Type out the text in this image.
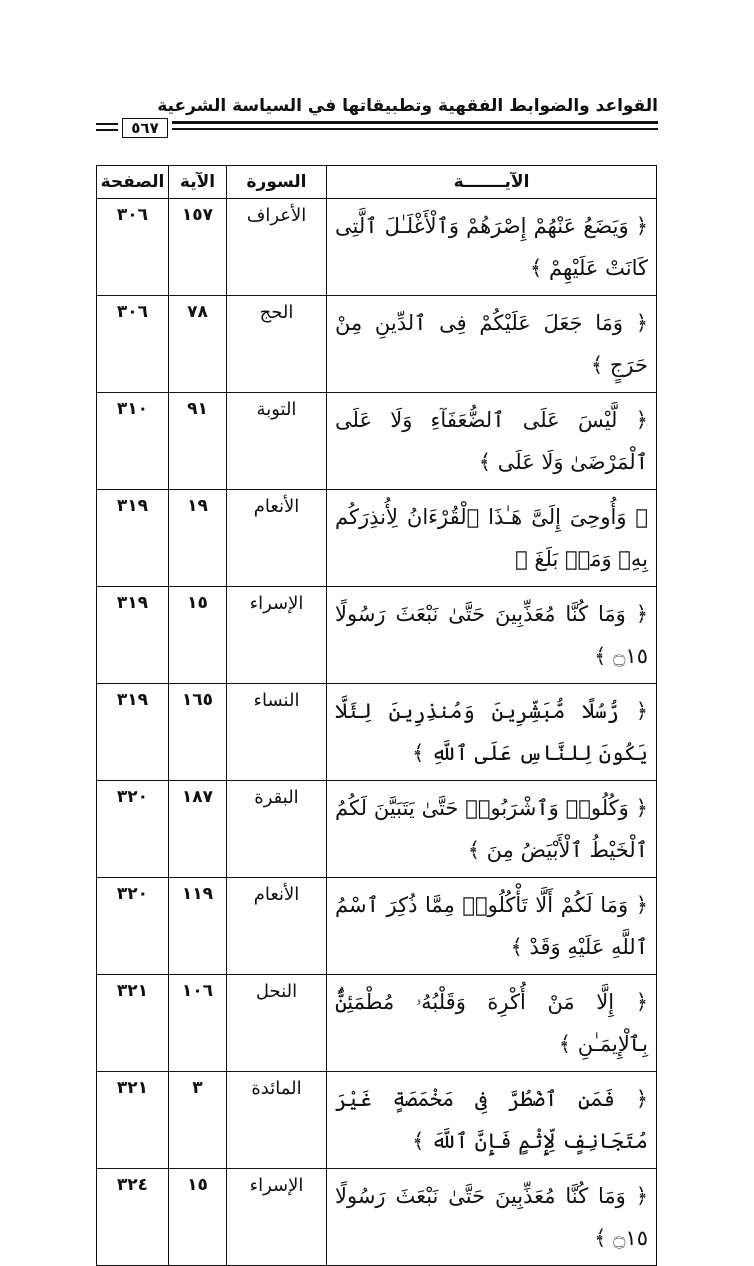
القواعد والضوابط الفقهية وتطبيقاتها في السياسة الشرعية
٥٦٧
الآيـــــــة	السورة	الآية	الصفحة
﴿ وَيَضَعُ عَنْهُمْ إِصْرَهُمْ وَٱلْأَغْلَـٰلَ ٱلَّتِى كَانَتْ عَلَيْهِمْ ﴾	الأعراف	١٥٧	٣٠٦
﴿ وَمَا جَعَلَ عَلَيْكُمْ فِى ٱلدِّينِ مِنْ حَرَجٍ ﴾	الحج	٧٨	٣٠٦
﴿ لَّيْسَ عَلَى ٱلضُّعَفَآءِ وَلَا عَلَى ٱلْمَرْضَىٰ وَلَا عَلَى ﴾	التوبة	٩١	٣١٠
﴿ وَأُوحِىَ إِلَىَّ هَـٰذَا ٱلْقُرْءَانُ لِأُنذِرَكُم بِهِۦ وَمَنۢ بَلَغَ ﴾	الأنعام	١٩	٣١٩
﴿ وَمَا كُنَّا مُعَذِّبِينَ حَتَّىٰ نَبْعَثَ رَسُولًا ۝١٥ ﴾	الإسراء	١٥	٣١٩
﴿ رُّسُلًا مُّبَشِّرِينَ وَمُنذِرِينَ لِئَلَّا يَكُونَ لِلنَّاسِ عَلَى ٱللَّهِ ﴾	النساء	١٦٥	٣١٩
﴿ وَكُلُوا۟ وَٱشْرَبُوا۟ حَتَّىٰ يَتَبَيَّنَ لَكُمُ ٱلْخَيْطُ ٱلْأَبْيَضُ مِنَ ﴾	البقرة	١٨٧	٣٢٠
﴿ وَمَا لَكُمْ أَلَّا تَأْكُلُوا۟ مِمَّا ذُكِرَ ٱسْمُ ٱللَّهِ عَلَيْهِ وَقَدْ ﴾	الأنعام	١١٩	٣٢٠
﴿ إِلَّا مَنْ أُكْرِهَ وَقَلْبُهُۥ مُطْمَئِنٌّۢ بِٱلْإِيمَـٰنِ ﴾	النحل	١٠٦	٣٢١
﴿ فَمَنِ ٱضْطُرَّ فِى مَخْمَصَةٍ غَيْرَ مُتَجَانِفٍ لِّإِثْمٍ فَإِنَّ ٱللَّهَ ﴾	المائدة	٣	٣٢١
﴿ وَمَا كُنَّا مُعَذِّبِينَ حَتَّىٰ نَبْعَثَ رَسُولًا ۝١٥ ﴾	الإسراء	١٥	٣٢٤
